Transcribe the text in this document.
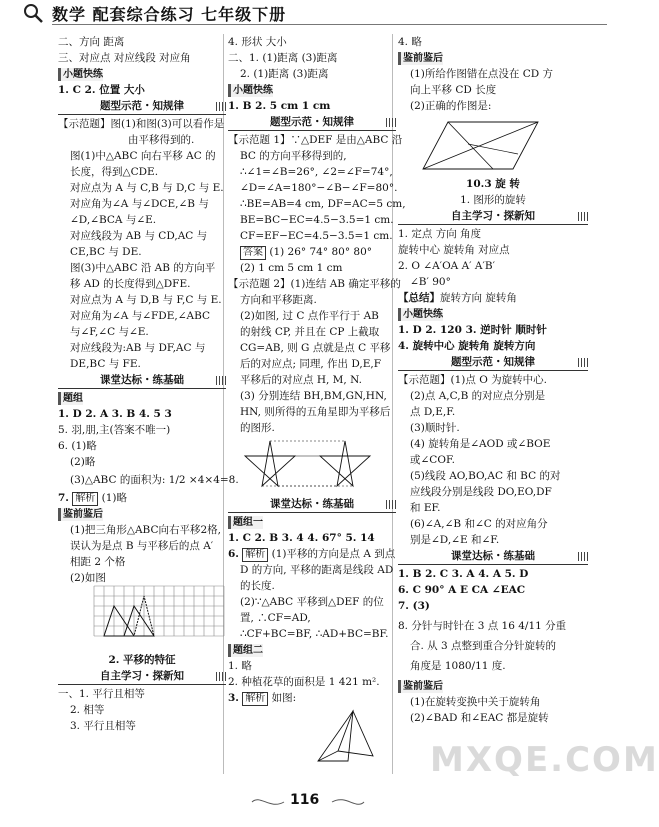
数学 配套综合练习 七年级下册
二、方向 距离
三、对应点 对应线段 对应角
小题快练
1. C 2. 位置 大小
题型示范・知规律
【示范题】图(1)和图(3)可以看作是
由平移得到的.
图(1)中△ABC 向右平移 AC 的
长度，得到△CDE.
对应点为 A 与 C,B 与 D,C 与 E.
对应角为∠A 与∠DCE,∠B 与
∠D,∠BCA 与∠E.
对应线段为 AB 与 CD,AC 与
CE,BC 与 DE.
图(3)中△ABC 沿 AB 的方向平
移 AD 的长度得到△DFE.
对应点为 A 与 D,B 与 F,C 与 E.
对应角为∠A 与∠FDE,∠ABC
与∠F,∠C 与∠E.
对应线段为:AB 与 DF,AC 与
DE,BC 与 FE.
课堂达标・练基础
题组
1. D 2. A 3. B 4. 5 3
5. 羽,朋,主(答案不唯一)
6. (1)略
(2)略
(3)△ABC 的面积为: 1/2 ×4×4=8.
7. 解析 (1)略
鉴前鉴后
(1)把三角形△ABC向右平移2格,
误认为是点 B 与平移后的点 A′
相距 2 个格
(2)如图
2. 平移的特征
自主学习・探新知
一、1. 平行且相等
2. 相等
3. 平行且相等
4. 形状 大小
二、1. (1)距离 (3)距离
2. (1)距离 (3)距离
小题快练
1. B 2. 5 cm 1 cm
题型示范・知规律
【示范题 1】∵△DEF 是由△ABC 沿
BC 的方向平移得到的,
∴∠1=∠B=26°, ∠2=∠F=74°,
∠D=∠A=180°−∠B−∠F=80°.
∴BE=AB=4 cm, DF=AC=5 cm,
BE=BC−EC=4.5−3.5=1 cm.
CF=EF−EC=4.5−3.5=1 cm.
答案 (1) 26° 74° 80° 80°
(2) 1 cm 5 cm 1 cm
【示范题 2】(1)连结 AB 确定平移的
方向和平移距离.
(2)如图, 过 C 点作平行于 AB
的射线 CP, 并且在 CP 上截取
CG=AB, 则 G 点就是点 C 平移
后的对应点; 同理, 作出 D,E,F
平移后的对应点 H, M, N.
(3) 分别连结 BH,BM,GN,HN,
HN, 则所得的五角星即为平移后
的图形.
课堂达标・练基础
题组一
1. C 2. B 3. 4 4. 67° 5. 14
6. 解析 (1)平移的方向是点 A 到点
D 的方向, 平移的距离是线段 AD
的长度.
(2)∵△ABC 平移到△DEF 的位
置, ∴CF=AD,
∴CF+BC=BF, ∴AD+BC=BF.
题组二
1. 略
2. 种植花草的面积是 1 421 m².
3. 解析 如图:
4. 略
鉴前鉴后
(1)所给作图错在点没在 CD 方
向上平移 CD 长度
(2)正确的作图是:
10.3 旋 转
1. 图形的旋转
自主学习・探新知
1. 定点 方向 角度
旋转中心 旋转角 对应点
2. O ∠A′OA A′ A′B′
∠B′ 90°
【总结】旋转方向 旋转角
小题快练
1. D 2. 120 3. 逆时针 顺时针
4. 旋转中心 旋转角 旋转方向
题型示范・知规律
【示范题】(1)点 O 为旋转中心.
(2)点 A,C,B 的对应点分别是
点 D,E,F.
(3)顺时针.
(4) 旋转角是∠AOD 或∠BOE
或∠COF.
(5)线段 AO,BO,AC 和 BC 的对
应线段分别是线段 DO,EO,DF
和 EF.
(6)∠A,∠B 和∠C 的对应角分
别是∠D,∠E 和∠F.
课堂达标・练基础
1. B 2. C 3. A 4. A 5. D
6. C 90° A E CA ∠EAC
7. (3)
8. 分针与时针在 3 点 16 4/11 分重
合. 从 3 点整到重合分针旋转的
角度是 1080/11 度.
鉴前鉴后
(1)在旋转变换中关于旋转角
(2)∠BAD 和∠EAC 都是旋转
116
MXQE.COM
